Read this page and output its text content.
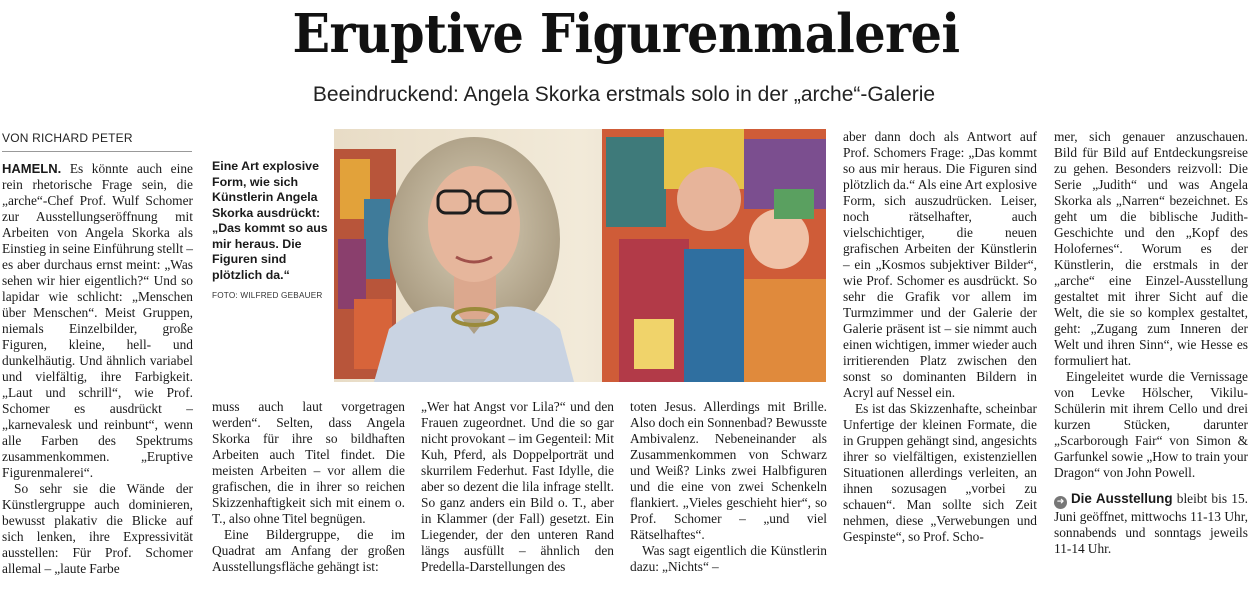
Eruptive Figurenmalerei
Beeindruckend: Angela Skorka erstmals solo in der „arche“-Galerie
VON RICHARD PETER

HAMELN. Es könnte auch eine rein rhetorische Frage sein, die „arche“-Chef Prof. Wulf Schomer zur Ausstellungseröffnung mit Arbeiten von Angela Skorka als Einstieg in seine Einführung stellt – es aber durchaus ernst meint: „Was sehen wir hier eigentlich?“ Und so lapidar wie schlicht: „Menschen über Menschen“. Meist Gruppen, niemals Einzelbilder, große Figuren, kleine, hell- und dunkelhäutig. Und ähnlich variabel und vielfältig, ihre Farbigkeit. „Laut und schrill“, wie Prof. Schomer es ausdrückt – „karnevalesk und reinbunt“, wenn alle Farben des Spektrums zusammenkommen. „Eruptive Figurenmalerei“.

So sehr sie die Wände der Künstlergruppe auch dominieren, bewusst plakativ die Blicke auf sich lenken, ihre Expressivität ausstellen: Für Prof. Schomer allemal – „laute Farbe

Eine Art explosive Form, wie sich Künstlerin Angela Skorka ausdrückt: „Das kommt so aus mir heraus. Die Figuren sind plötzlich da.“
FOTO: WILFRED GEBAUER

muss auch laut vorgetragen werden“. Selten, dass Angela Skorka für ihre so bildhaften Arbeiten auch Titel findet. Die meisten Arbeiten – vor allem die grafischen, die in ihrer so reichen Skizzenhaftigkeit sich mit einem o. T., also ohne Titel begnügen.

Eine Bildergruppe, die im Quadrat am Anfang der großen Ausstellungsfläche gehängt ist:

„Wer hat Angst vor Lila?“ und den Frauen zugeordnet. Und die so gar nicht provokant – im Gegenteil: Mit Kuh, Pferd, als Doppelporträt und skurrilem Federhut. Fast Idylle, die aber so dezent die lila infrage stellt. So ganz anders ein Bild o. T., aber in Klammer (der Fall) gesetzt. Ein Liegender, der den unteren Rand längs ausfüllt – ähnlich den Predella-Darstellungen des

toten Jesus. Allerdings mit Brille. Also doch ein Sonnenbad? Bewusste Ambivalenz. Nebeneinander als Zusammenkommen von Schwarz und Weiß? Links zwei Halbfiguren und die eine von zwei Schenkeln flankiert. „Vieles geschieht hier“, so Prof. Schomer – „und viel Rätselhaftes“.

Was sagt eigentlich die Künstlerin dazu: „Nichts“ –

aber dann doch als Antwort auf Prof. Schomers Frage: „Das kommt so aus mir heraus. Die Figuren sind plötzlich da.“ Als eine Art explosive Form, sich auszudrücken. Leiser, noch rätselhafter, auch vielschichtiger, die neuen grafischen Arbeiten der Künstlerin – ein „Kosmos subjektiver Bilder“, wie Prof. Schomer es ausdrückt. So sehr die Grafik vor allem im Turmzimmer und der Galerie der Galerie präsent ist – sie nimmt auch einen wichtigen, immer wieder auch irritierenden Platz zwischen den sonst so dominanten Bildern in Acryl auf Nessel ein.

Es ist das Skizzenhafte, scheinbar Unfertige der kleinen Formate, die in Gruppen gehängt sind, angesichts ihrer so vielfältigen, existenziellen Situationen allerdings verleiten, an ihnen sozusagen „vorbei zu schauen“. Man sollte sich Zeit nehmen, diese „Verwebungen und Gespinste“, so Prof. Scho-

mer, sich genauer anzuschauen. Bild für Bild auf Entdeckungsreise zu gehen. Besonders reizvoll: Die Serie „Judith“ und was Angela Skorka als „Narren“ bezeichnet. Es geht um die biblische Judith-Geschichte und den „Kopf des Holofernes“. Worum es der Künstlerin, die erstmals in der „arche“ eine Einzel-Ausstellung gestaltet mit ihrer Sicht auf die Welt, die sie so komplex gestaltet, geht: „Zugang zum Inneren der Welt und ihren Sinn“, wie Hesse es formuliert hat.

Eingeleitet wurde die Vernissage von Levke Hölscher, Vikilu-Schülerin mit ihrem Cello und drei kurzen Stücken, darunter „Scarborough Fair“ von Simon & Garfunkel sowie „How to train your Dragon“ von John Powell.

➜ Die Ausstellung bleibt bis 15. Juni geöffnet, mittwochs 11-13 Uhr, sonnabends und sonntags jeweils 11-14 Uhr.
